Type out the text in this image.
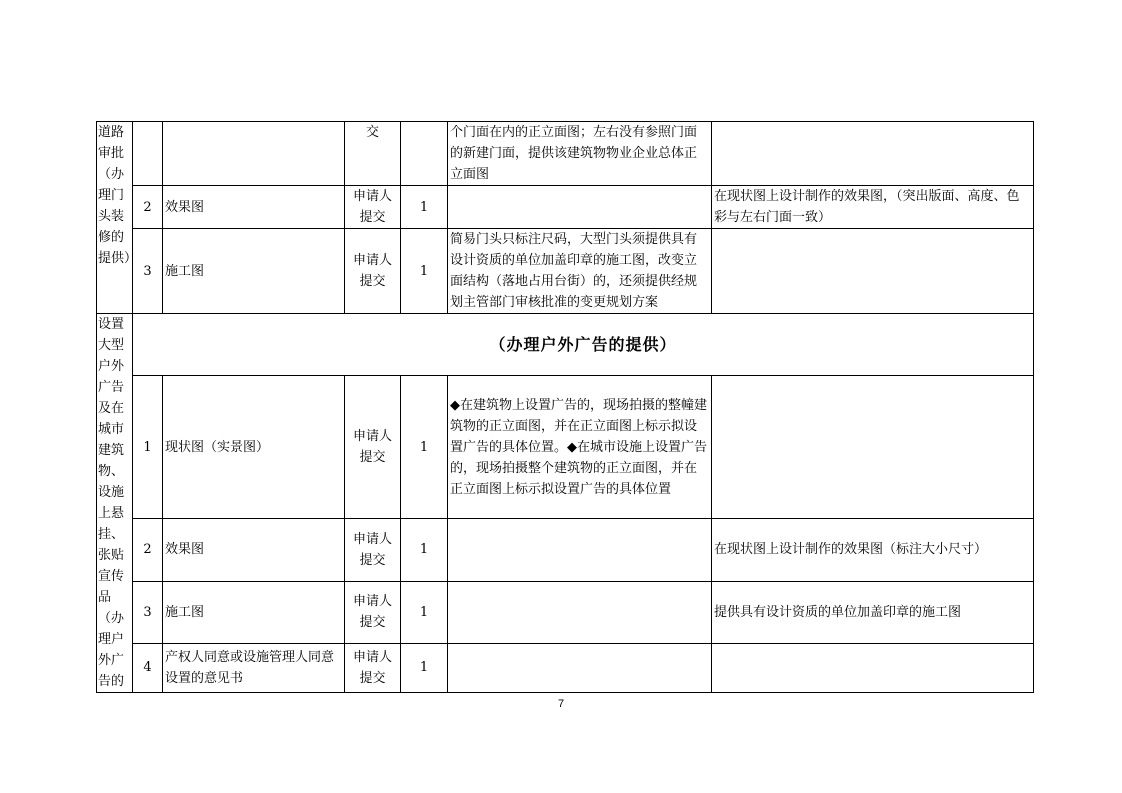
道路审批（办理门头装修的提供）			交		个门面在内的正立面图；左右没有参照门面的新建门面，提供该建筑物物业企业总体正立面图	
	2	效果图	申请人提交	1		在现状图上设计制作的效果图，（突出版面、高度、色彩与左右门面一致）
	3	施工图	申请人提交	1	简易门头只标注尺码，大型门头须提供具有设计资质的单位加盖印章的施工图，改变立面结构（落地占用台街）的，还须提供经规划主管部门审核批准的变更规划方案	
设置大型户外广告及在城市建筑物、设施上悬挂、张贴宣传品（办理户外广告的	（办理户外广告的提供）					
	1	现状图（实景图）	申请人提交	1	◆在建筑物上设置广告的，现场拍摄的整幢建筑物的正立面图，并在正立面图上标示拟设置广告的具体位置。◆在城市设施上设置广告的，现场拍摄整个建筑物的正立面图，并在正立面图上标示拟设置广告的具体位置	
	2	效果图	申请人提交	1		在现状图上设计制作的效果图（标注大小尺寸）
	3	施工图	申请人提交	1		提供具有设计资质的单位加盖印章的施工图
	4	产权人同意或设施管理人同意设置的意见书	申请人提交	1		
7
